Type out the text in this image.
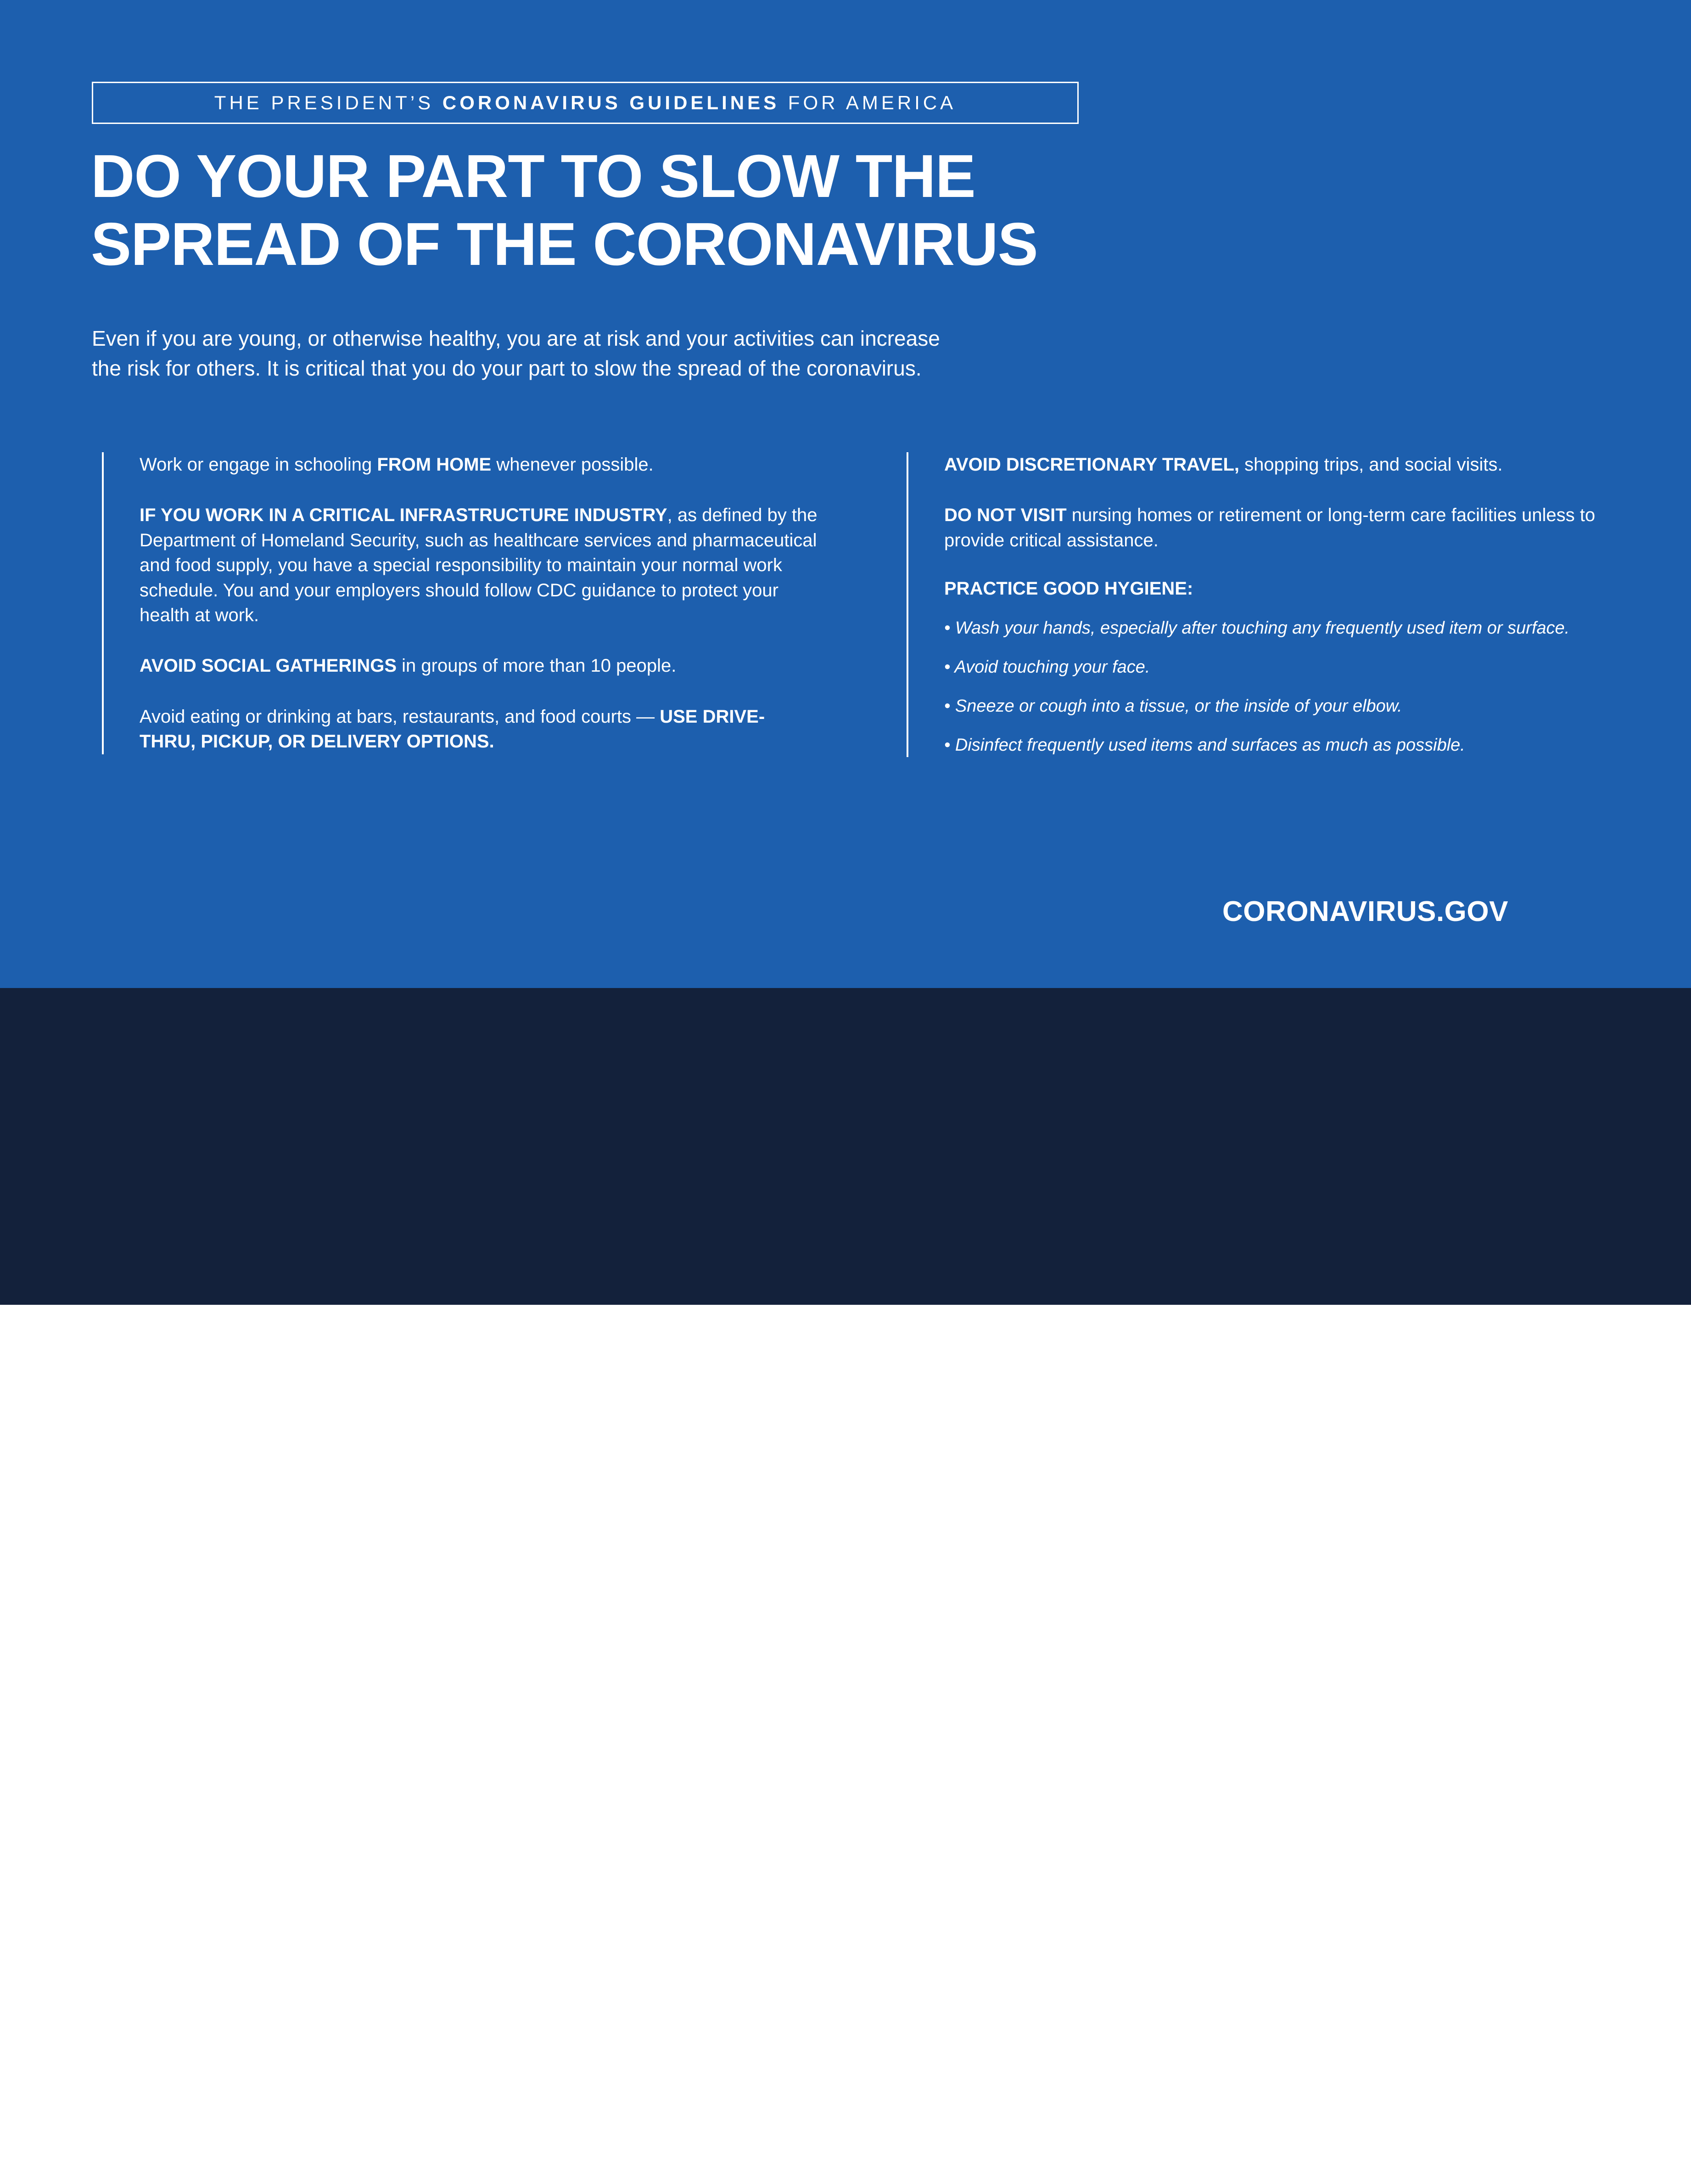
THE PRESIDENT’S CORONAVIRUS GUIDELINES FOR AMERICA
DO YOUR PART TO SLOW THE
SPREAD OF THE CORONAVIRUS
Even if you are young, or otherwise healthy, you are at risk and your activities can increase
the risk for others. It is critical that you do your part to slow the spread of the coronavirus.
Work or engage in schooling FROM HOME whenever possible.
IF YOU WORK IN A CRITICAL INFRASTRUCTURE INDUSTRY, as defined by the Department of Homeland Security, such as healthcare services and pharmaceutical and food supply, you have a special responsibility to maintain your normal work schedule. You and your employers should follow CDC guidance to protect your health at work.
AVOID SOCIAL GATHERINGS in groups of more than 10 people.
Avoid eating or drinking at bars, restaurants, and food courts — USE DRIVE-THRU, PICKUP, OR DELIVERY OPTIONS.
AVOID DISCRETIONARY TRAVEL, shopping trips, and social visits.
DO NOT VISIT nursing homes or retirement or long-term care facilities unless to provide critical assistance.
PRACTICE GOOD HYGIENE:
• Wash your hands, especially after touching any frequently used item or surface.
• Avoid touching your face.
• Sneeze or cough into a tissue, or the inside of your elbow.
• Disinfect frequently used items and surfaces as much as possible.
CORONAVIRUS.GOV

School operations can accelerate the spread of the coronavirus. Governors of states with evidence of community transmission should close schools in affected and surrounding areas. Governors should close schools in communities that are near areas of community transmission, even if those areas are in neighboring states. In addition, state and local officials should close schools where coronavirus has been identified in the population associated with the school. States and localities that close schools need to address childcare needs of critical responders, as well as the nutritional needs of children.

Older people are particularly at risk from the coronavirus. All states should follow Federal guidance and halt social visits to nursing homes and retirement and long-term care facilities.

In states with evidence of community transmission, bars, restaurants, food courts, gyms, and other indoor and outdoor venues where groups of people congregate should be closed.
